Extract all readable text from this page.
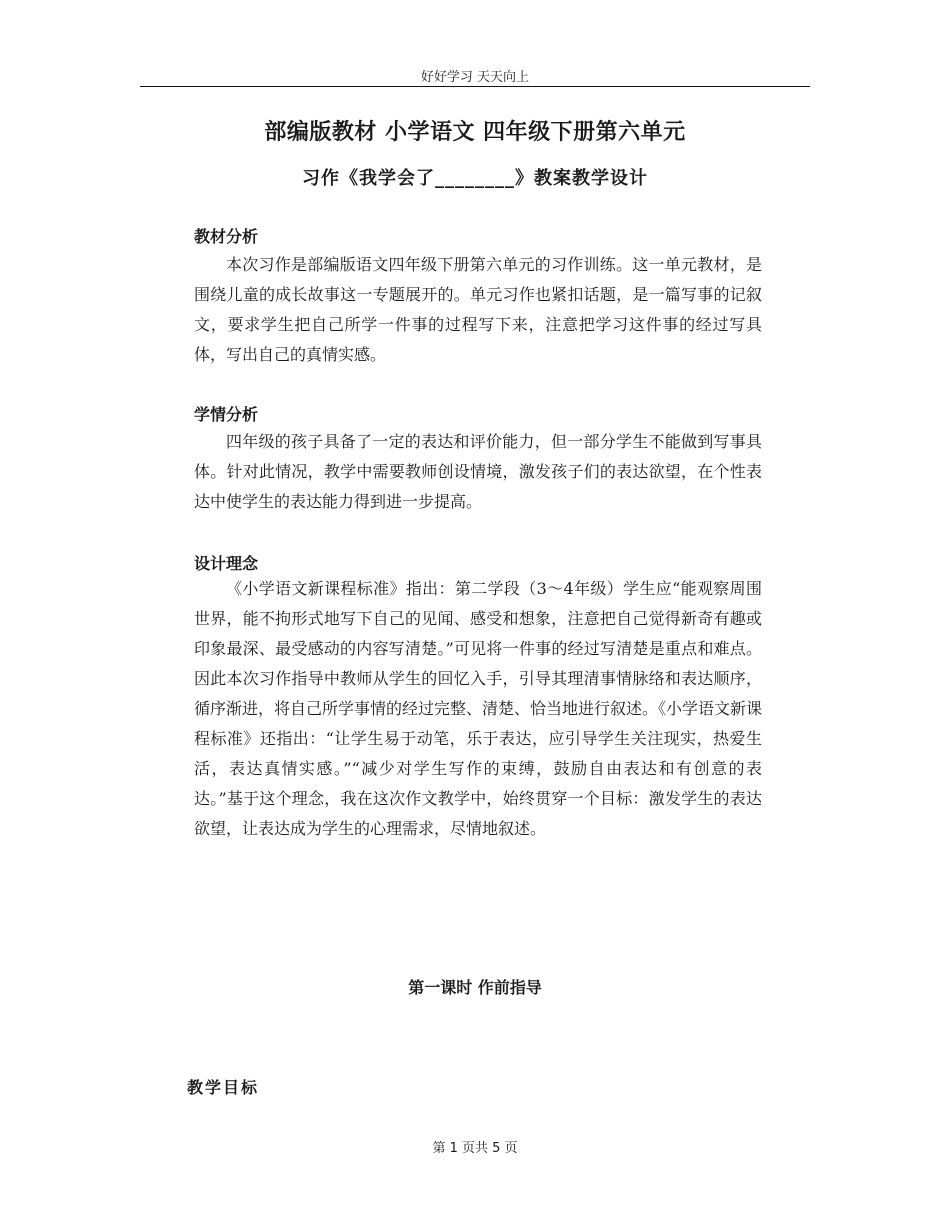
好好学习 天天向上
部编版教材 小学语文 四年级下册第六单元
习作《我学会了________》教案教学设计
教材分析

本次习作是部编版语文四年级下册第六单元的习作训练。这一单元教材，是围绕儿童的成长故事这一专题展开的。单元习作也紧扣话题，是一篇写事的记叙文，要求学生把自己所学一件事的过程写下来，注意把学习这件事的经过写具体，写出自己的真情实感。

学情分析

四年级的孩子具备了一定的表达和评价能力，但一部分学生不能做到写事具体。针对此情况，教学中需要教师创设情境，激发孩子们的表达欲望，在个性表达中使学生的表达能力得到进一步提高。

设计理念

《小学语文新课程标准》指出：第二学段（3～4年级）学生应“能观察周围世界，能不拘形式地写下自己的见闻、感受和想象，注意把自己觉得新奇有趣或印象最深、最受感动的内容写清楚。”可见将一件事的经过写清楚是重点和难点。因此本次习作指导中教师从学生的回忆入手，引导其理清事情脉络和表达顺序，循序渐进，将自己所学事情的经过完整、清楚、恰当地进行叙述。《小学语文新课程标准》还指出：“让学生易于动笔，乐于表达，应引导学生关注现实，热爱生活，表达真情实感。”“减少对学生写作的束缚，鼓励自由表达和有创意的表达。”基于这个理念，我在这次作文教学中，始终贯穿一个目标：激发学生的表达欲望，让表达成为学生的心理需求，尽情地叙述。

第一课时 作前指导
教学目标
第 1 页共 5 页
